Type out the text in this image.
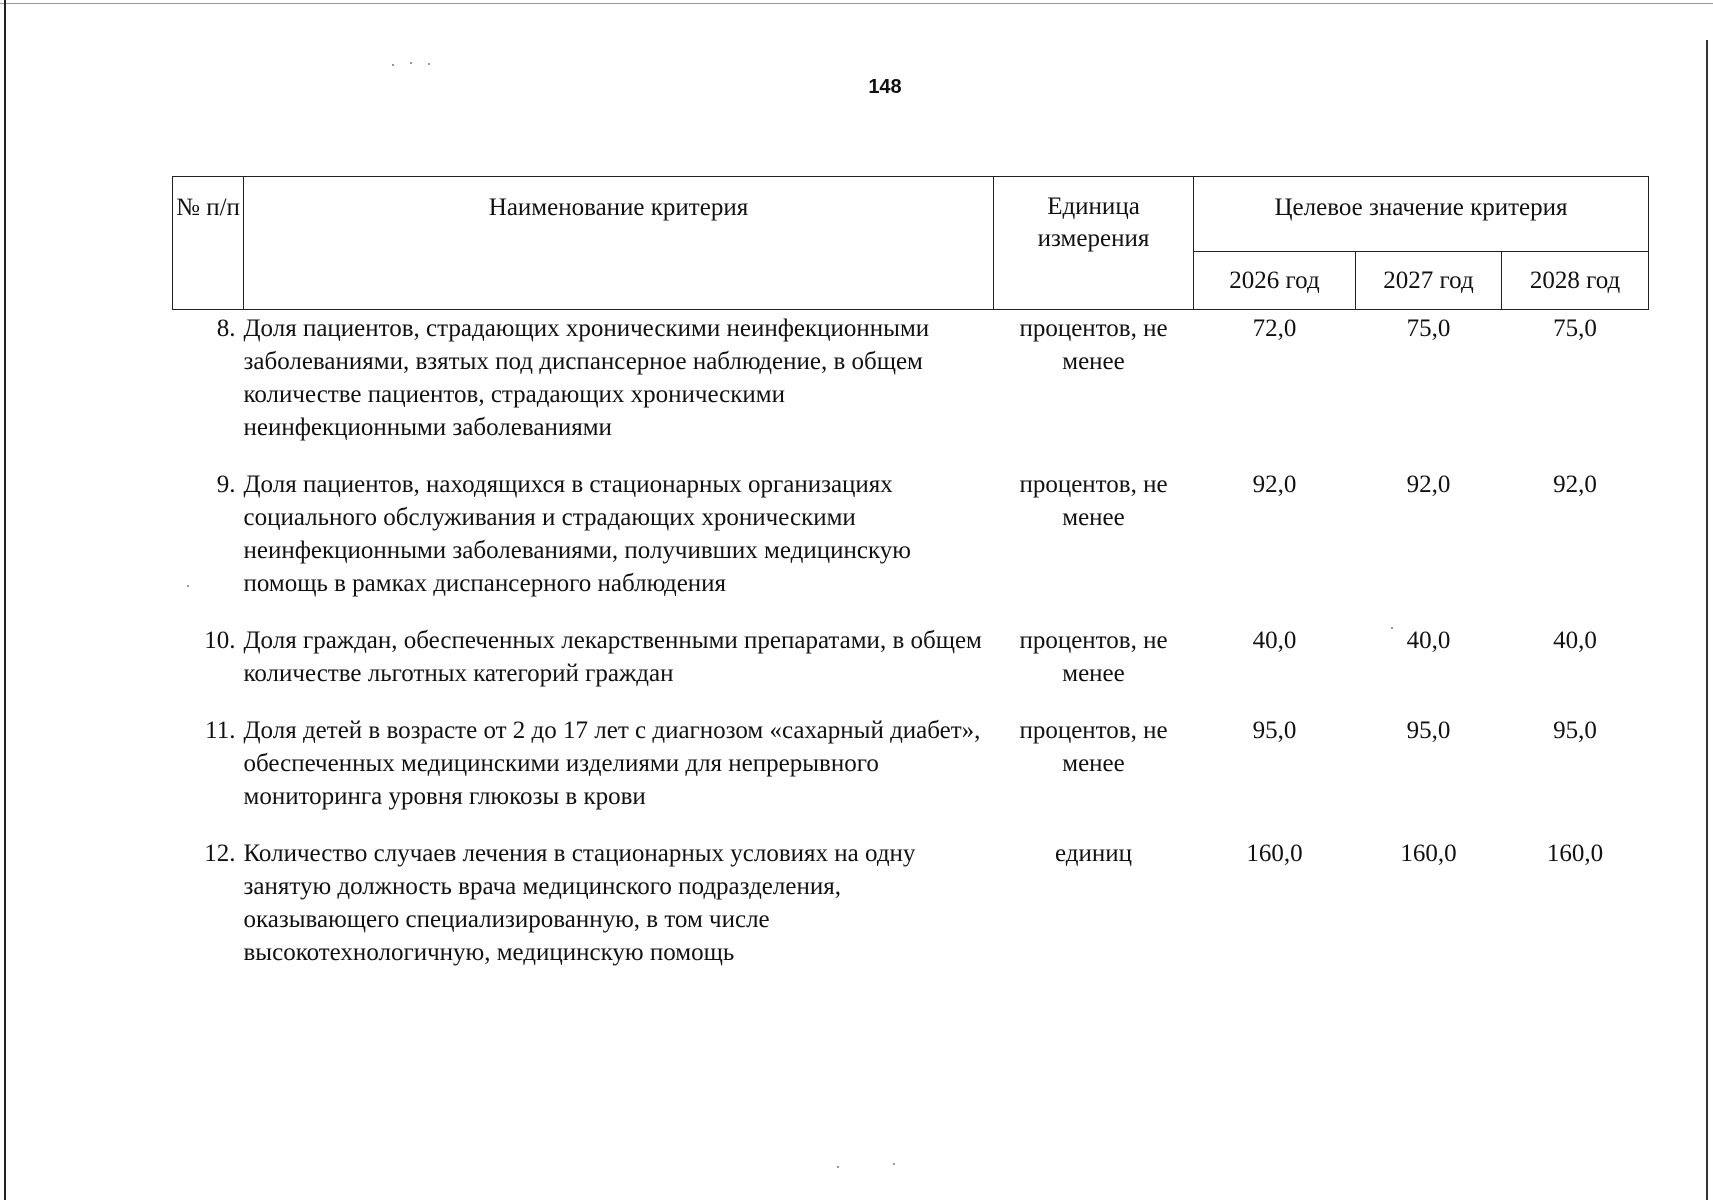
148
№ п/п	Наименование критерия	Единица измерения	Целевое значение критерия		
			2026 год	2027 год	2028 год
8.	Доля пациентов, страдающих хроническими неинфекционными заболеваниями, взятых под диспансерное наблюдение, в общем количестве пациентов, страдающих хроническими неинфекционными заболеваниями	процентов, не менее	72,0	75,0	75,0

9.	Доля пациентов, находящихся в стационарных организациях социального обслуживания и страдающих хроническими неинфекционными заболеваниями, получивших медицинскую помощь в рамках диспансерного наблюдения	процентов, не менее	92,0	92,0	92,0

10.	Доля граждан, обеспеченных лекарственными препаратами, в общем количестве льготных категорий граждан	процентов, не менее	40,0	40,0	40,0

11.	Доля детей в возрасте от 2 до 17 лет с диагнозом «сахарный диабет», обеспеченных медицинскими изделиями для непрерывного мониторинга уровня глюкозы в крови	процентов, не менее	95,0	95,0	95,0

12.	Количество случаев лечения в стационарных условиях на одну занятую должность врача медицинского подразделения, оказывающего специализированную, в том числе высокотехнологичную, медицинскую помощь	единиц	160,0	160,0	160,0
